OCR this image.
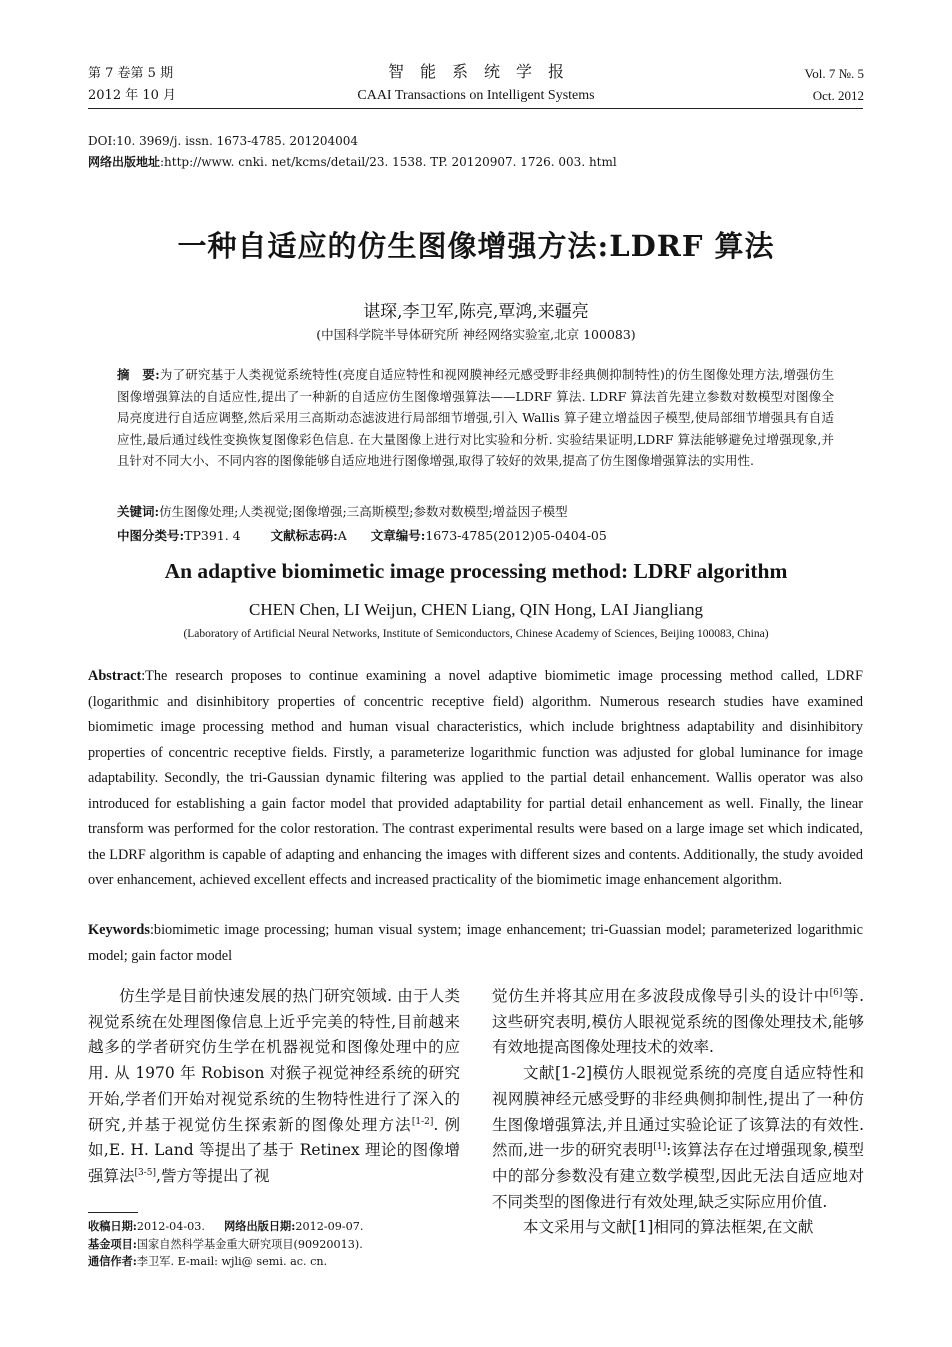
第 7 卷第 5 期
2012 年 10 月
智　能　系　统　学　报
CAAI Transactions on Intelligent Systems
Vol. 7 №. 5
Oct. 2012
DOI:10. 3969/j. issn. 1673-4785. 201204004
网络出版地址:http://www. cnki. net/kcms/detail/23. 1538. TP. 20120907. 1726. 003. html
一种自适应的仿生图像增强方法:LDRF 算法
谌琛,李卫军,陈亮,覃鸿,来疆亮
(中国科学院半导体研究所 神经网络实验室,北京 100083)
摘　要:为了研究基于人类视觉系统特性(亮度自适应特性和视网膜神经元感受野非经典侧抑制特性)的仿生图像处理方法,增强仿生图像增强算法的自适应性,提出了一种新的自适应仿生图像增强算法——LDRF 算法. LDRF 算法首先建立参数对数模型对图像全局亮度进行自适应调整,然后采用三高斯动态滤波进行局部细节增强,引入 Wallis 算子建立增益因子模型,使局部细节增强具有自适应性,最后通过线性变换恢复图像彩色信息. 在大量图像上进行对比实验和分析. 实验结果证明,LDRF 算法能够避免过增强现象,并且针对不同大小、不同内容的图像能够自适应地进行图像增强,取得了较好的效果,提高了仿生图像增强算法的实用性.
关键词:仿生图像处理;人类视觉;图像增强;三高斯模型;参数对数模型;增益因子模型
中图分类号:TP391. 4 文献标志码:A 文章编号:1673-4785(2012)05-0404-05
An adaptive biomimetic image processing method: LDRF algorithm
CHEN Chen, LI Weijun, CHEN Liang, QIN Hong, LAI Jiangliang
(Laboratory of Artificial Neural Networks, Institute of Semiconductors, Chinese Academy of Sciences, Beijing 100083, China)
Abstract:The research proposes to continue examining a novel adaptive biomimetic image processing method called, LDRF (logarithmic and disinhibitory properties of concentric receptive field) algorithm. Numerous research studies have examined biomimetic image processing method and human visual characteristics, which include brightness adaptability and disinhibitory properties of concentric receptive fields. Firstly, a parameterize logarithmic function was adjusted for global luminance for image adaptability. Secondly, the tri-Gaussian dynamic filtering was applied to the partial detail enhancement. Wallis operator was also introduced for establishing a gain factor model that provided adaptability for partial detail enhancement as well. Finally, the linear transform was performed for the color restoration. The contrast experimental results were based on a large image set which indicated, the LDRF algorithm is capable of adapting and enhancing the images with different sizes and contents. Additionally, the study avoided over enhancement, achieved excellent effects and increased practicality of the biomimetic image enhancement algorithm.
Keywords:biomimetic image processing; human visual system; image enhancement; tri-Guassian model; parameterized logarithmic model; gain factor model

仿生学是目前快速发展的热门研究领域. 由于人类视觉系统在处理图像信息上近乎完美的特性,目前越来越多的学者研究仿生学在机器视觉和图像处理中的应用. 从 1970 年 Robison 对猴子视觉神经系统的研究开始,学者们开始对视觉系统的生物特性进行了深入的研究,并基于视觉仿生探索新的图像处理方法[1-2]. 例如,E. H. Land 等提出了基于 Retinex 理论的图像增强算法[3-5],訾方等提出了视

收稿日期:2012-04-03. 网络出版日期:2012-09-07.
基金项目:国家自然科学基金重大研究项目(90920013).
通信作者:李卫军. E-mail: wjli@ semi. ac. cn.

觉仿生并将其应用在多波段成像导引头的设计中[6]等. 这些研究表明,模仿人眼视觉系统的图像处理技术,能够有效地提高图像处理技术的效率.

文献[1-2]模仿人眼视觉系统的亮度自适应特性和视网膜神经元感受野的非经典侧抑制性,提出了一种仿生图像增强算法,并且通过实验论证了该算法的有效性. 然而,进一步的研究表明[1]:该算法存在过增强现象,模型中的部分参数没有建立数学模型,因此无法自适应地对不同类型的图像进行有效处理,缺乏实际应用价值.

本文采用与文献[1]相同的算法框架,在文献
